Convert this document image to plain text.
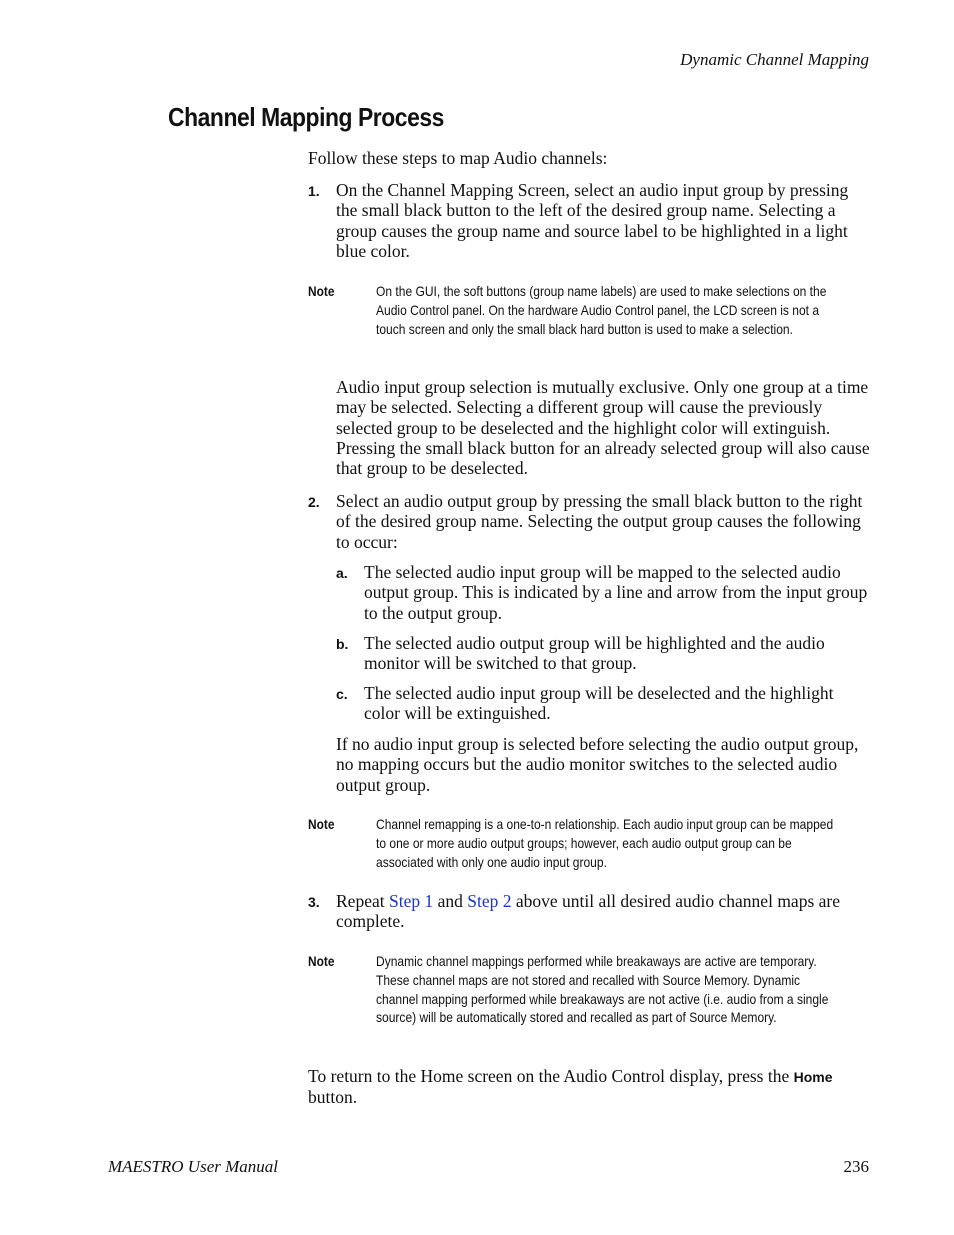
Dynamic Channel Mapping
Channel Mapping Process
Follow these steps to map Audio channels:
1. On the Channel Mapping Screen, select an audio input group by pressing the small black button to the left of the desired group name. Selecting a group causes the group name and source label to be highlighted in a light blue color.
Note	On the GUI, the soft buttons (group name labels) are used to make selections on the Audio Control panel. On the hardware Audio Control panel, the LCD screen is not a touch screen and only the small black hard button is used to make a selection.
Audio input group selection is mutually exclusive. Only one group at a time may be selected. Selecting a different group will cause the previously selected group to be deselected and the highlight color will extinguish. Pressing the small black button for an already selected group will also cause that group to be deselected.
2. Select an audio output group by pressing the small black button to the right of the desired group name. Selecting the output group causes the following to occur:
a. The selected audio input group will be mapped to the selected audio output group. This is indicated by a line and arrow from the input group to the output group.
b. The selected audio output group will be highlighted and the audio monitor will be switched to that group.
c. The selected audio input group will be deselected and the highlight color will be extinguished.
If no audio input group is selected before selecting the audio output group, no mapping occurs but the audio monitor switches to the selected audio output group.
Note	Channel remapping is a one-to-n relationship. Each audio input group can be mapped to one or more audio output groups; however, each audio output group can be associated with only one audio input group.
3. Repeat Step 1 and Step 2 above until all desired audio channel maps are complete.
Note	Dynamic channel mappings performed while breakaways are active are temporary. These channel maps are not stored and recalled with Source Memory. Dynamic channel mapping performed while breakaways are not active (i.e. audio from a single source) will be automatically stored and recalled as part of Source Memory.
To return to the Home screen on the Audio Control display, press the Home button.
MAESTRO User Manual	236
